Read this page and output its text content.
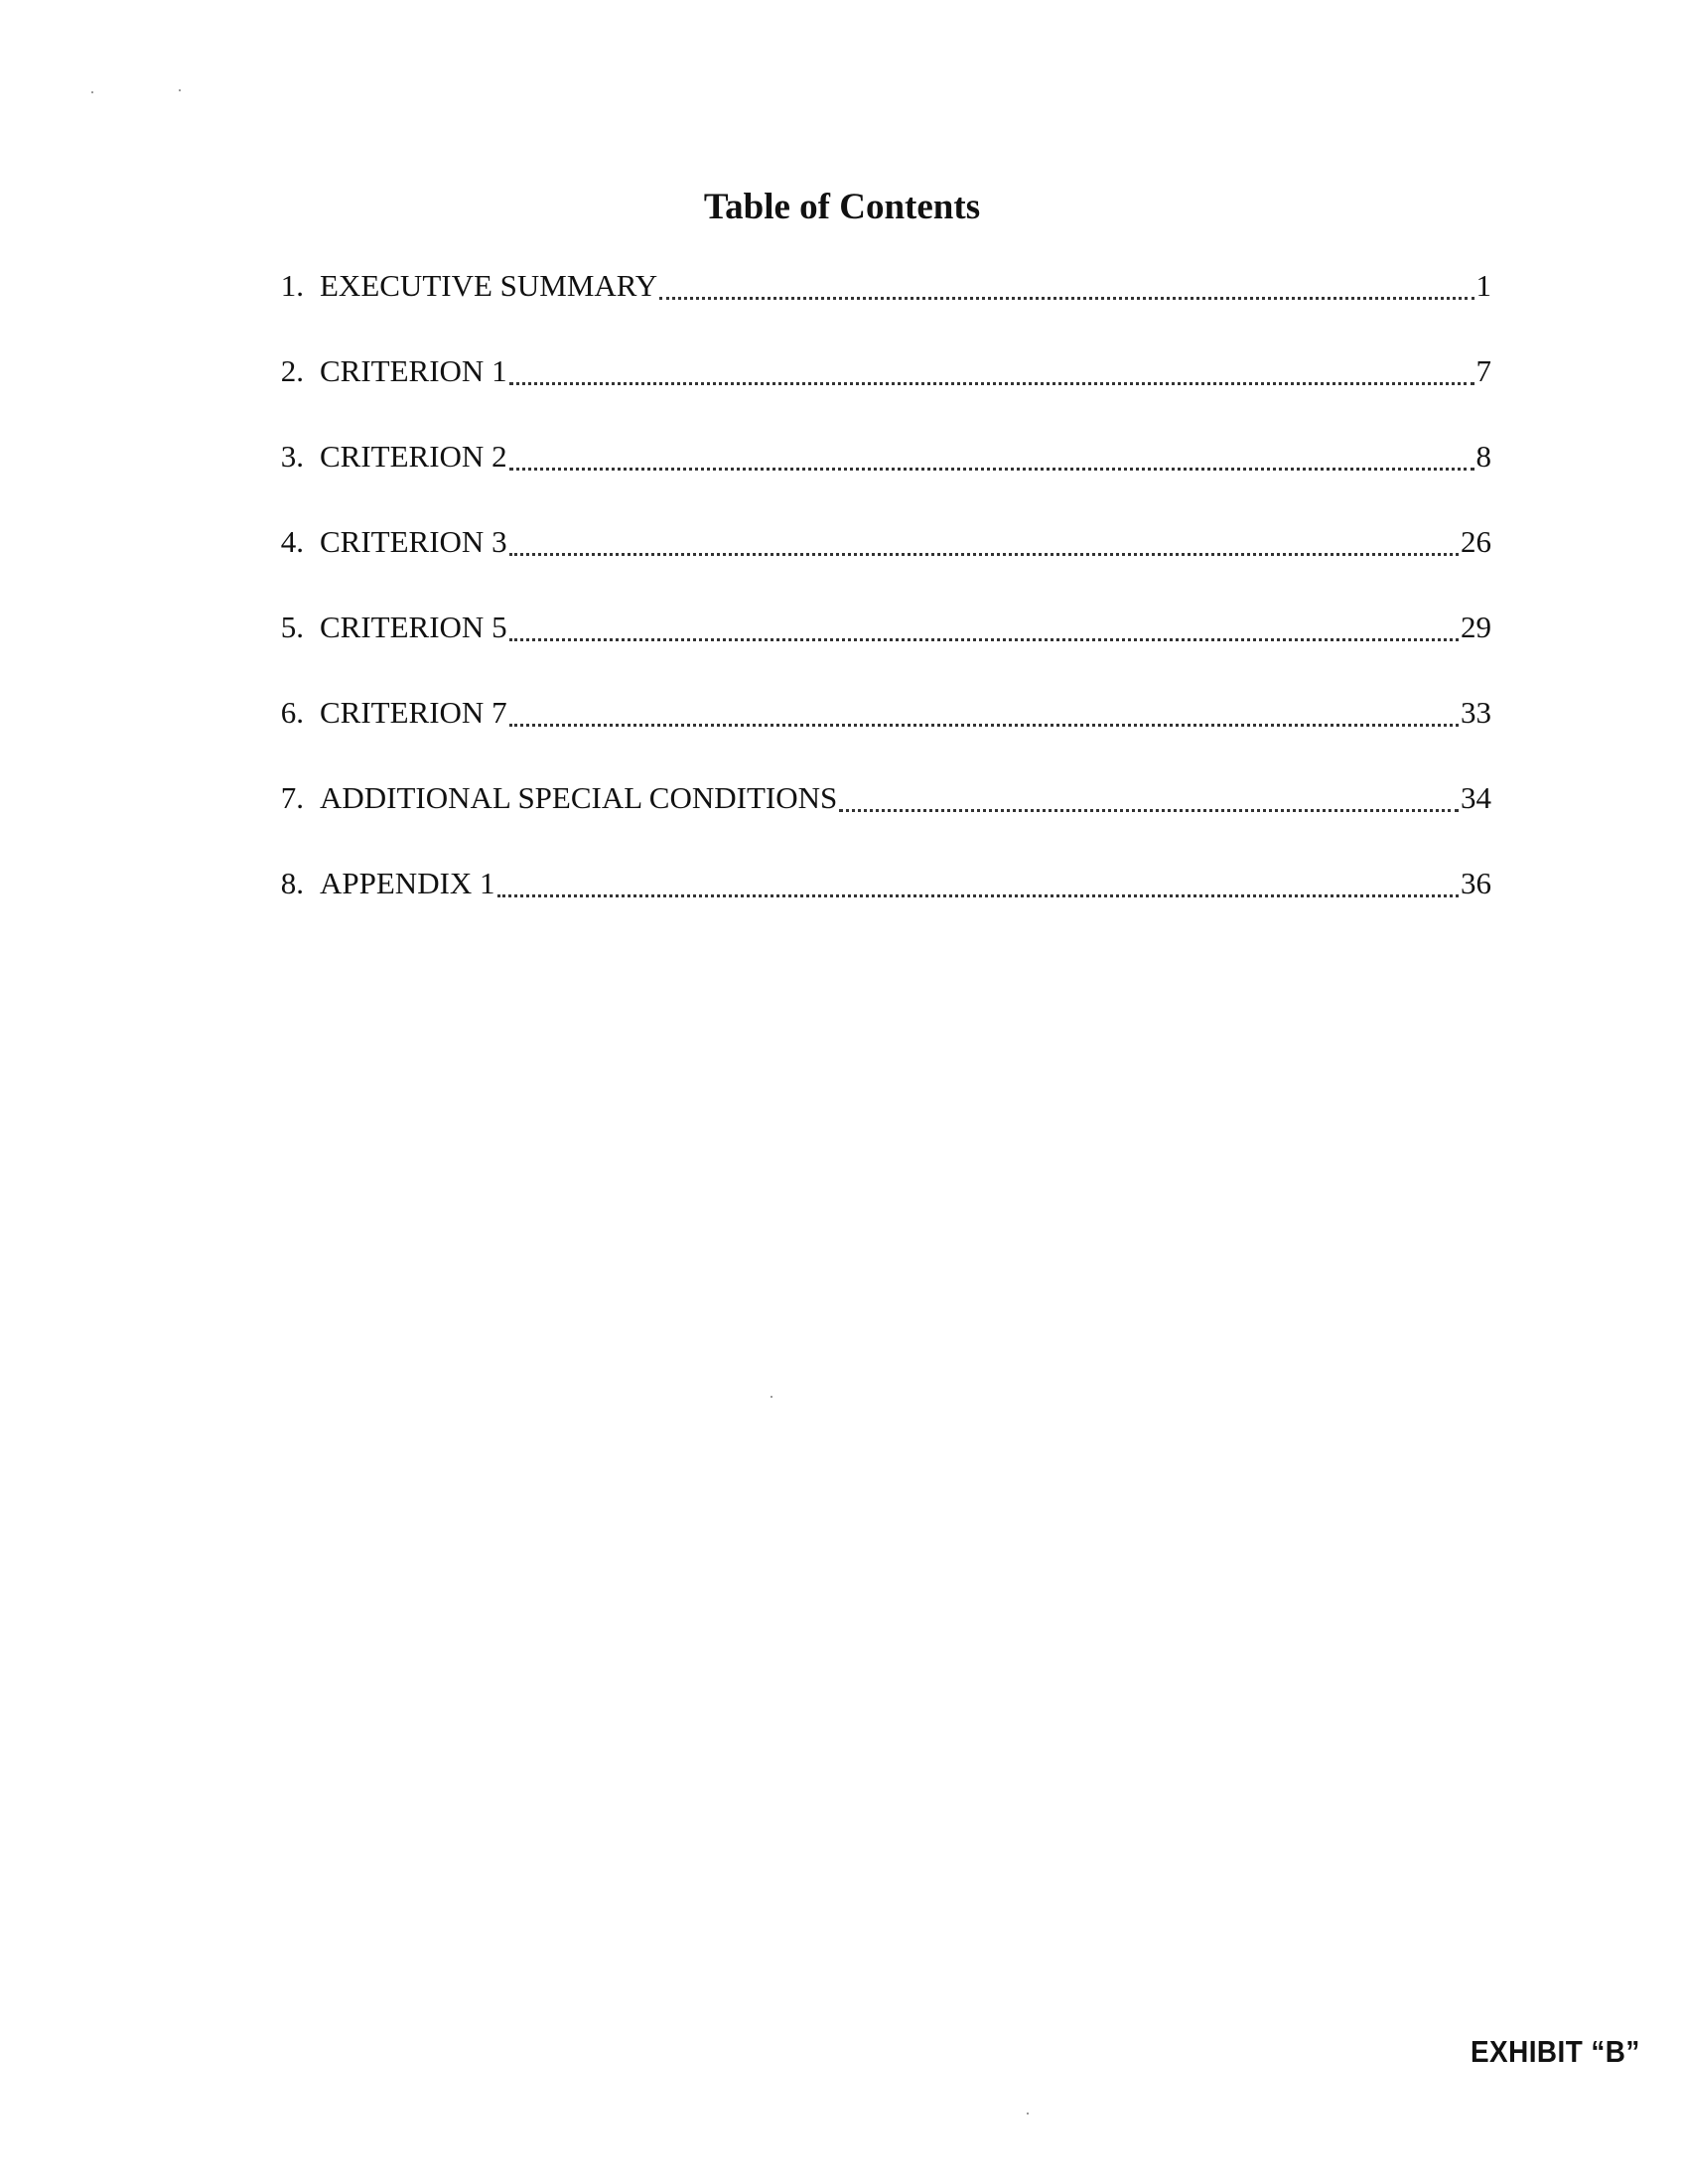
Table of Contents
1. EXECUTIVE SUMMARY	1
2. CRITERION 1	7
3. CRITERION 2	8
4. CRITERION 3	26
5. CRITERION 5	29
6. CRITERION 7	33
7. ADDITIONAL SPECIAL CONDITIONS	34
8. APPENDIX 1	36
EXHIBIT “B”
